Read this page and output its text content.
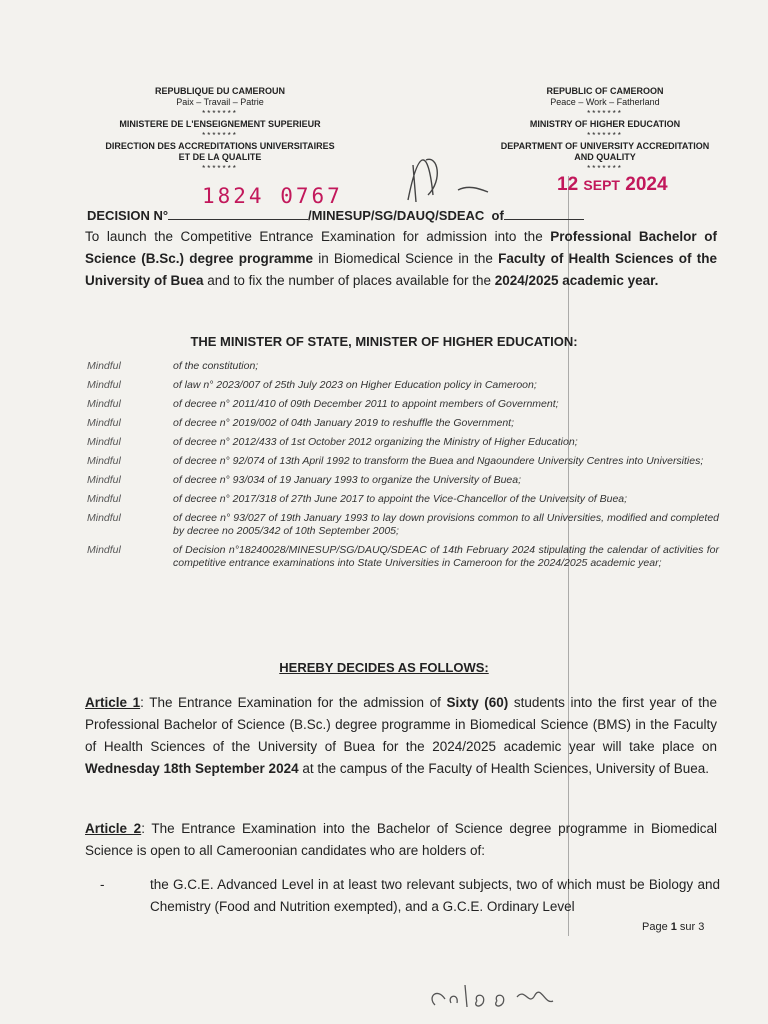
REPUBLIQUE DU CAMEROUN
Paix – Travail – Patrie
*******
MINISTERE DE L'ENSEIGNEMENT SUPERIEUR
*******
DIRECTION DES ACCREDITATIONS UNIVERSITAIRES
ET DE LA QUALITE
*******
REPUBLIC OF CAMEROON
Peace – Work – Fatherland
*******
MINISTRY OF HIGHER EDUCATION
*******
DEPARTMENT OF UNIVERSITY ACCREDITATION
AND QUALITY
*******
1824 0767	12 SEPT 2024
DECISION N°	/MINESUP/SG/DAUQ/SDEAC of
To launch the Competitive Entrance Examination for admission into the Professional Bachelor of Science (B.Sc.) degree programme in Biomedical Science in the Faculty of Health Sciences of the University of Buea and to fix the number of places available for the 2024/2025 academic year.
THE MINISTER OF STATE, MINISTER OF HIGHER EDUCATION:
Mindful	of the constitution;
Mindful	of law n° 2023/007 of 25th July 2023 on Higher Education policy in Cameroon;
Mindful	of decree n° 2011/410 of 09th December 2011 to appoint members of Government;
Mindful	of decree n° 2019/002 of 04th January 2019 to reshuffle the Government;
Mindful	of decree n° 2012/433 of 1st October 2012 organizing the Ministry of Higher Education;
Mindful	of decree n° 92/074 of 13th April 1992 to transform the Buea and Ngaoundere University Centres into Universities;
Mindful	of decree n° 93/034 of 19 January 1993 to organize the University of Buea;
Mindful	of decree n° 2017/318 of 27th June 2017 to appoint the Vice-Chancellor of the University of Buea;
Mindful	of decree n° 93/027 of 19th January 1993 to lay down provisions common to all Universities, modified and completed by decree no 2005/342 of 10th September 2005;
Mindful	of Decision n°18240028/MINESUP/SG/DAUQ/SDEAC of 14th February 2024 stipulating the calendar of activities for competitive entrance examinations into State Universities in Cameroon for the 2024/2025 academic year;
HEREBY DECIDES AS FOLLOWS:
Article 1: The Entrance Examination for the admission of Sixty (60) students into the first year of the Professional Bachelor of Science (B.Sc.) degree programme in Biomedical Science (BMS) in the Faculty of Health Sciences of the University of Buea for the 2024/2025 academic year will take place on Wednesday 18th September 2024 at the campus of the Faculty of Health Sciences, University of Buea.
Article 2: The Entrance Examination into the Bachelor of Science degree programme in Biomedical Science is open to all Cameroonian candidates who are holders of:
-	the G.C.E. Advanced Level in at least two relevant subjects, two of which must be Biology and Chemistry (Food and Nutrition exempted), and a G.C.E. Ordinary Level
Page 1 sur 3
